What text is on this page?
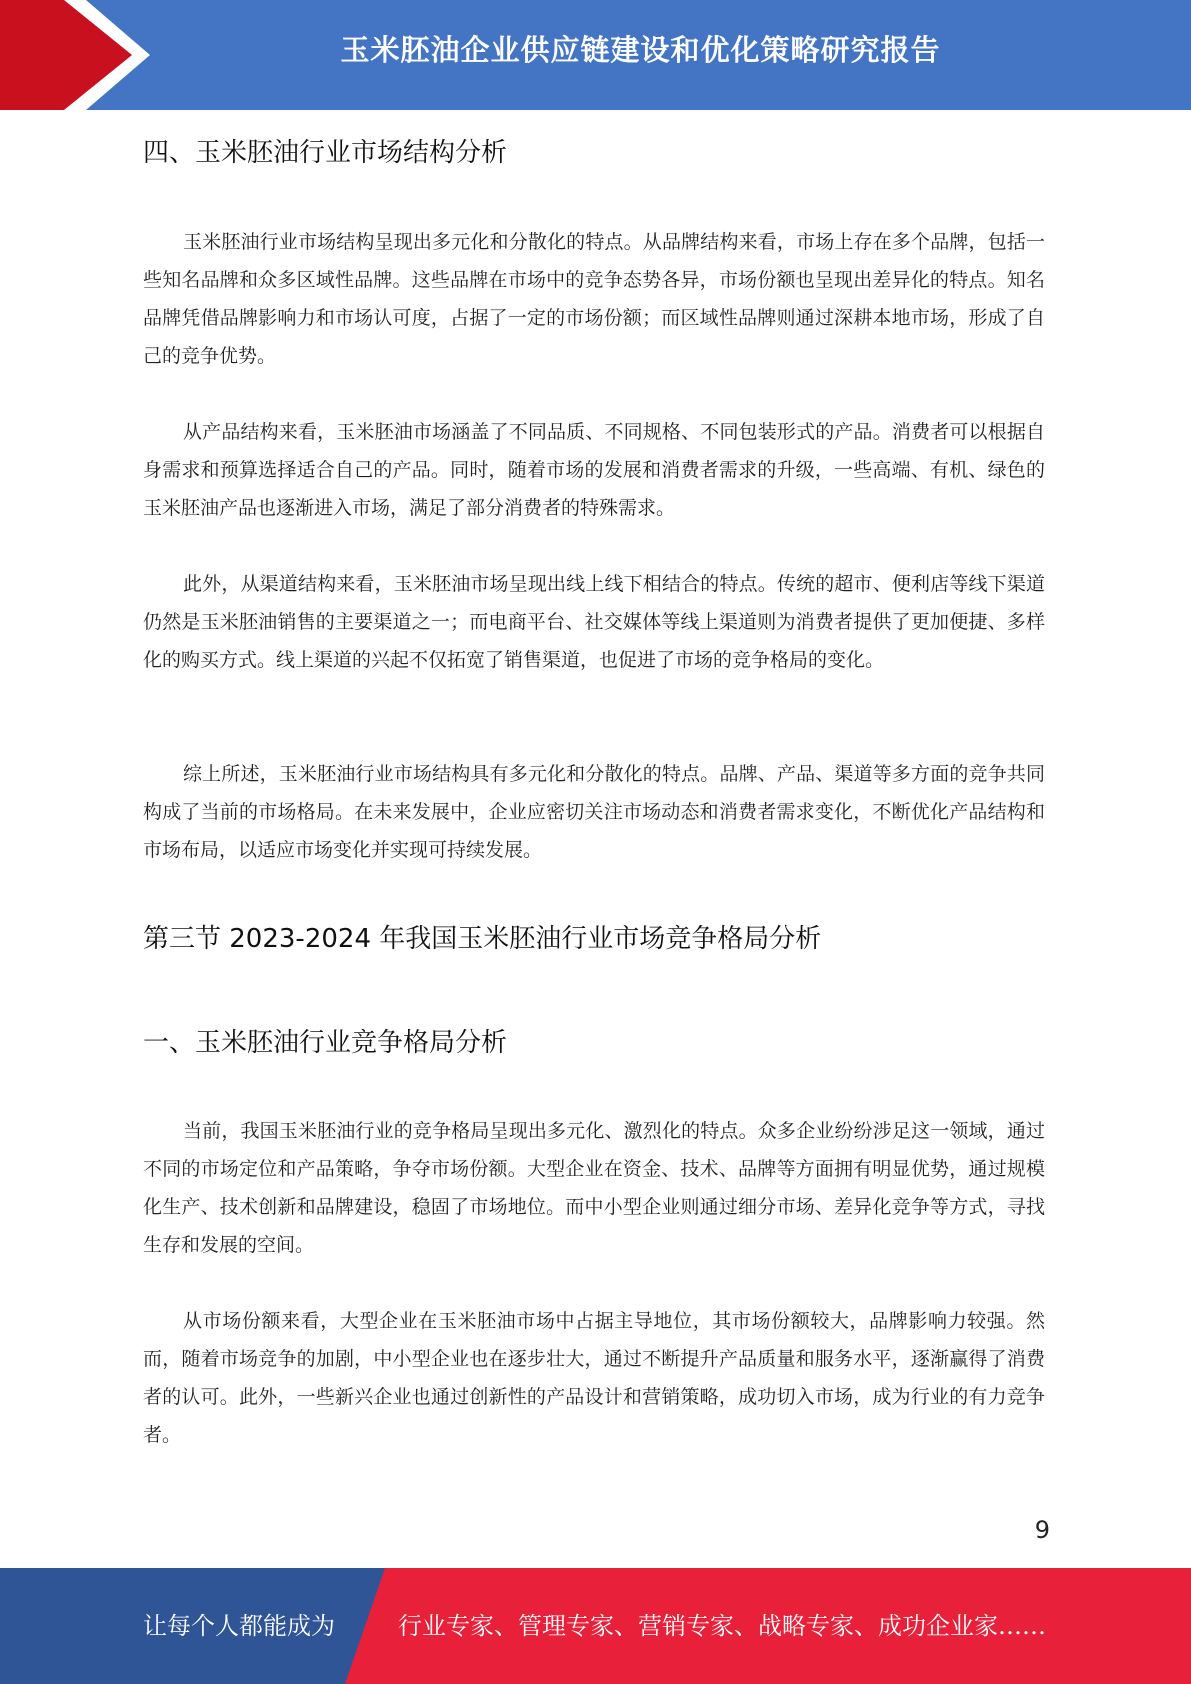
玉米胚油企业供应链建设和优化策略研究报告
四、玉米胚油行业市场结构分析

玉米胚油行业市场结构呈现出多元化和分散化的特点。从品牌结构来看，市场上存在多个品牌，包括一些知名品牌和众多区域性品牌。这些品牌在市场中的竞争态势各异，市场份额也呈现出差异化的特点。知名品牌凭借品牌影响力和市场认可度，占据了一定的市场份额；而区域性品牌则通过深耕本地市场，形成了自己的竞争优势。

从产品结构来看，玉米胚油市场涵盖了不同品质、不同规格、不同包装形式的产品。消费者可以根据自身需求和预算选择适合自己的产品。同时，随着市场的发展和消费者需求的升级，一些高端、有机、绿色的玉米胚油产品也逐渐进入市场，满足了部分消费者的特殊需求。

此外，从渠道结构来看，玉米胚油市场呈现出线上线下相结合的特点。传统的超市、便利店等线下渠道仍然是玉米胚油销售的主要渠道之一；而电商平台、社交媒体等线上渠道则为消费者提供了更加便捷、多样化的购买方式。线上渠道的兴起不仅拓宽了销售渠道，也促进了市场的竞争格局的变化。

综上所述，玉米胚油行业市场结构具有多元化和分散化的特点。品牌、产品、渠道等多方面的竞争共同构成了当前的市场格局。在未来发展中，企业应密切关注市场动态和消费者需求变化，不断优化产品结构和市场布局，以适应市场变化并实现可持续发展。

第三节 2023-2024 年我国玉米胚油行业市场竞争格局分析
一、玉米胚油行业竞争格局分析

当前，我国玉米胚油行业的竞争格局呈现出多元化、激烈化的特点。众多企业纷纷涉足这一领域，通过不同的市场定位和产品策略，争夺市场份额。大型企业在资金、技术、品牌等方面拥有明显优势，通过规模化生产、技术创新和品牌建设，稳固了市场地位。而中小型企业则通过细分市场、差异化竞争等方式，寻找生存和发展的空间。

从市场份额来看，大型企业在玉米胚油市场中占据主导地位，其市场份额较大，品牌影响力较强。然而，随着市场竞争的加剧，中小型企业也在逐步壮大，通过不断提升产品质量和服务水平，逐渐赢得了消费者的认可。此外，一些新兴企业也通过创新性的产品设计和营销策略，成功切入市场，成为行业的有力竞争者。

9
让每个人都能成为	行业专家、管理专家、营销专家、战略专家、成功企业家……
